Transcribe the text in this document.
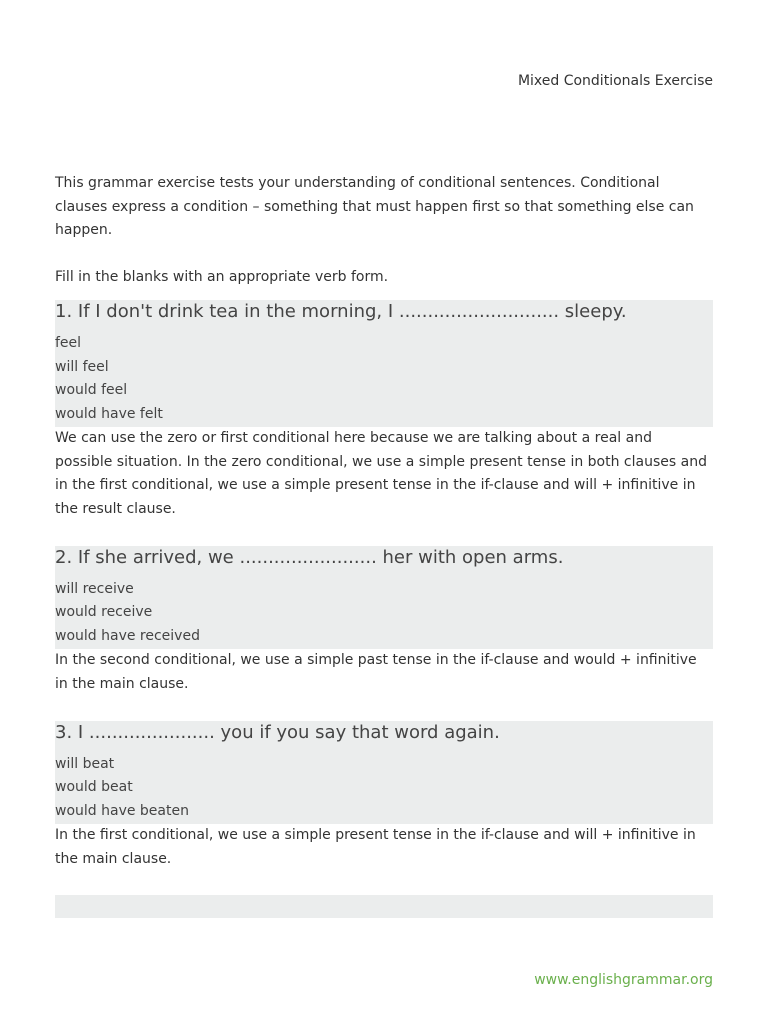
Mixed Conditionals Exercise

This grammar exercise tests your understanding of conditional sentences. Conditional clauses express a condition – something that must happen first so that something else can happen.

Fill in the blanks with an appropriate verb form.

1. If I don't drink tea in the morning, I ............................ sleepy.

feel
will feel
would feel
would have felt

We can use the zero or first conditional here because we are talking about a real and possible situation. In the zero conditional, we use a simple present tense in both clauses and in the first conditional, we use a simple present tense in the if-clause and will + infinitive in the result clause.

2. If she arrived, we ........................ her with open arms.

will receive
would receive
would have received

In the second conditional, we use a simple past tense in the if-clause and would + infinitive in the main clause.

3. I ...................... you if you say that word again.

will beat
would beat
would have beaten

In the first conditional, we use a simple present tense in the if-clause and will + infinitive in the main clause.

www.englishgrammar.org
